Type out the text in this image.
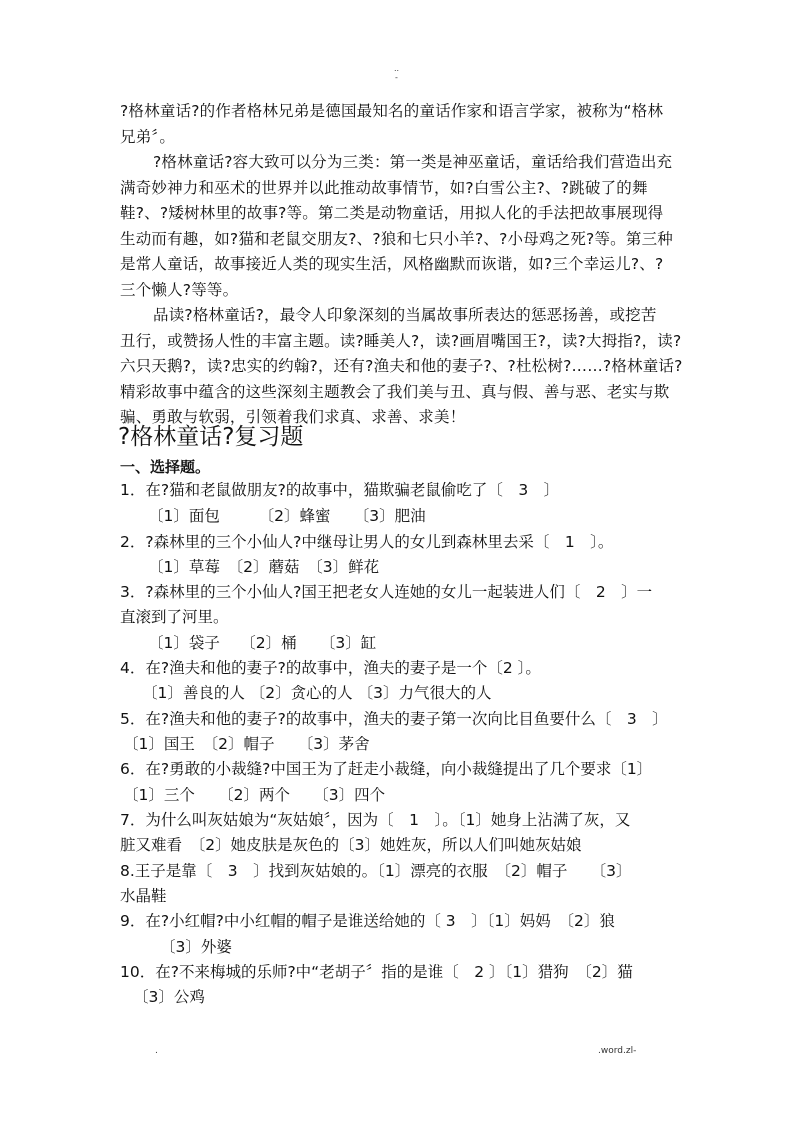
..
-
?格林童话?的作者格林兄弟是德国最知名的童话作家和语言学家，被称为“格林
兄弟〞。
?格林童话?容大致可以分为三类：第一类是神巫童话，童话给我们营造出充
满奇妙神力和巫术的世界并以此推动故事情节，如?白雪公主?、?跳破了的舞
鞋?、?矮树林里的故事?等。第二类是动物童话，用拟人化的手法把故事展现得
生动而有趣，如?猫和老鼠交朋友?、?狼和七只小羊?、?小母鸡之死?等。第三种
是常人童话，故事接近人类的现实生活，风格幽默而诙谐，如?三个幸运儿?、?
三个懒人?等等。
品读?格林童话?，最令人印象深刻的当属故事所表达的惩恶扬善，或挖苦
丑行，或赞扬人性的丰富主题。读?睡美人?，读?画眉嘴国王?，读?大拇指?，读?
六只天鹅?，读?忠实的约翰?，还有?渔夫和他的妻子?、?杜松树?……?格林童话?
精彩故事中蕴含的这些深刻主题教会了我们美与丑、真与假、善与恶、老实与欺
骗、勇敢与软弱，引领着我们求真、求善、求美！
?格林童话?复习题
一、选择题。
1．在?猫和老鼠做朋友?的故事中，猫欺骗老鼠偷吃了〔　3　〕
〔1〕面包　　　〔2〕蜂蜜　　〔3〕肥油
2．?森林里的三个小仙人?中继母让男人的女儿到森林里去采〔　1　〕。
〔1〕草莓　〔2〕蘑菇　〔3〕鲜花
3．?森林里的三个小仙人?国王把老女人连她的女儿一起装进人们〔　2　〕一
直滚到了河里。
〔1〕袋子　 〔2〕桶　　〔3〕缸
4．在?渔夫和他的妻子?的故事中，渔夫的妻子是一个〔2 〕。
〔1〕善良的人 〔2〕贪心的人 〔3〕力气很大的人
5．在?渔夫和他的妻子?的故事中，渔夫的妻子第一次向比目鱼要什么〔　3　〕
〔1〕国王　〔2〕帽子　　〔3〕茅舍
6．在?勇敢的小裁缝?中国王为了赶走小裁缝，向小裁缝提出了几个要求〔1〕
〔1〕三个　　〔2〕两个　　〔3〕四个
7．为什么叫灰姑娘为“灰姑娘〞，因为〔　1　〕。〔1〕她身上沾满了灰，又
脏又难看　〔2〕她皮肤是灰色的〔3〕她姓灰，所以人们叫她灰姑娘
8.王子是靠〔　3　〕找到灰姑娘的。〔1〕漂亮的衣服　〔2〕帽子　　〔3〕
水晶鞋
9．在?小红帽?中小红帽的帽子是谁送给她的〔 3　〕〔1〕妈妈　〔2〕狼
〔3〕外婆
10．在?不来梅城的乐师?中“老胡子〞指的是谁〔　2 〕〔1〕猎狗　〔2〕猫
〔3〕公鸡
.	.word.zl-
